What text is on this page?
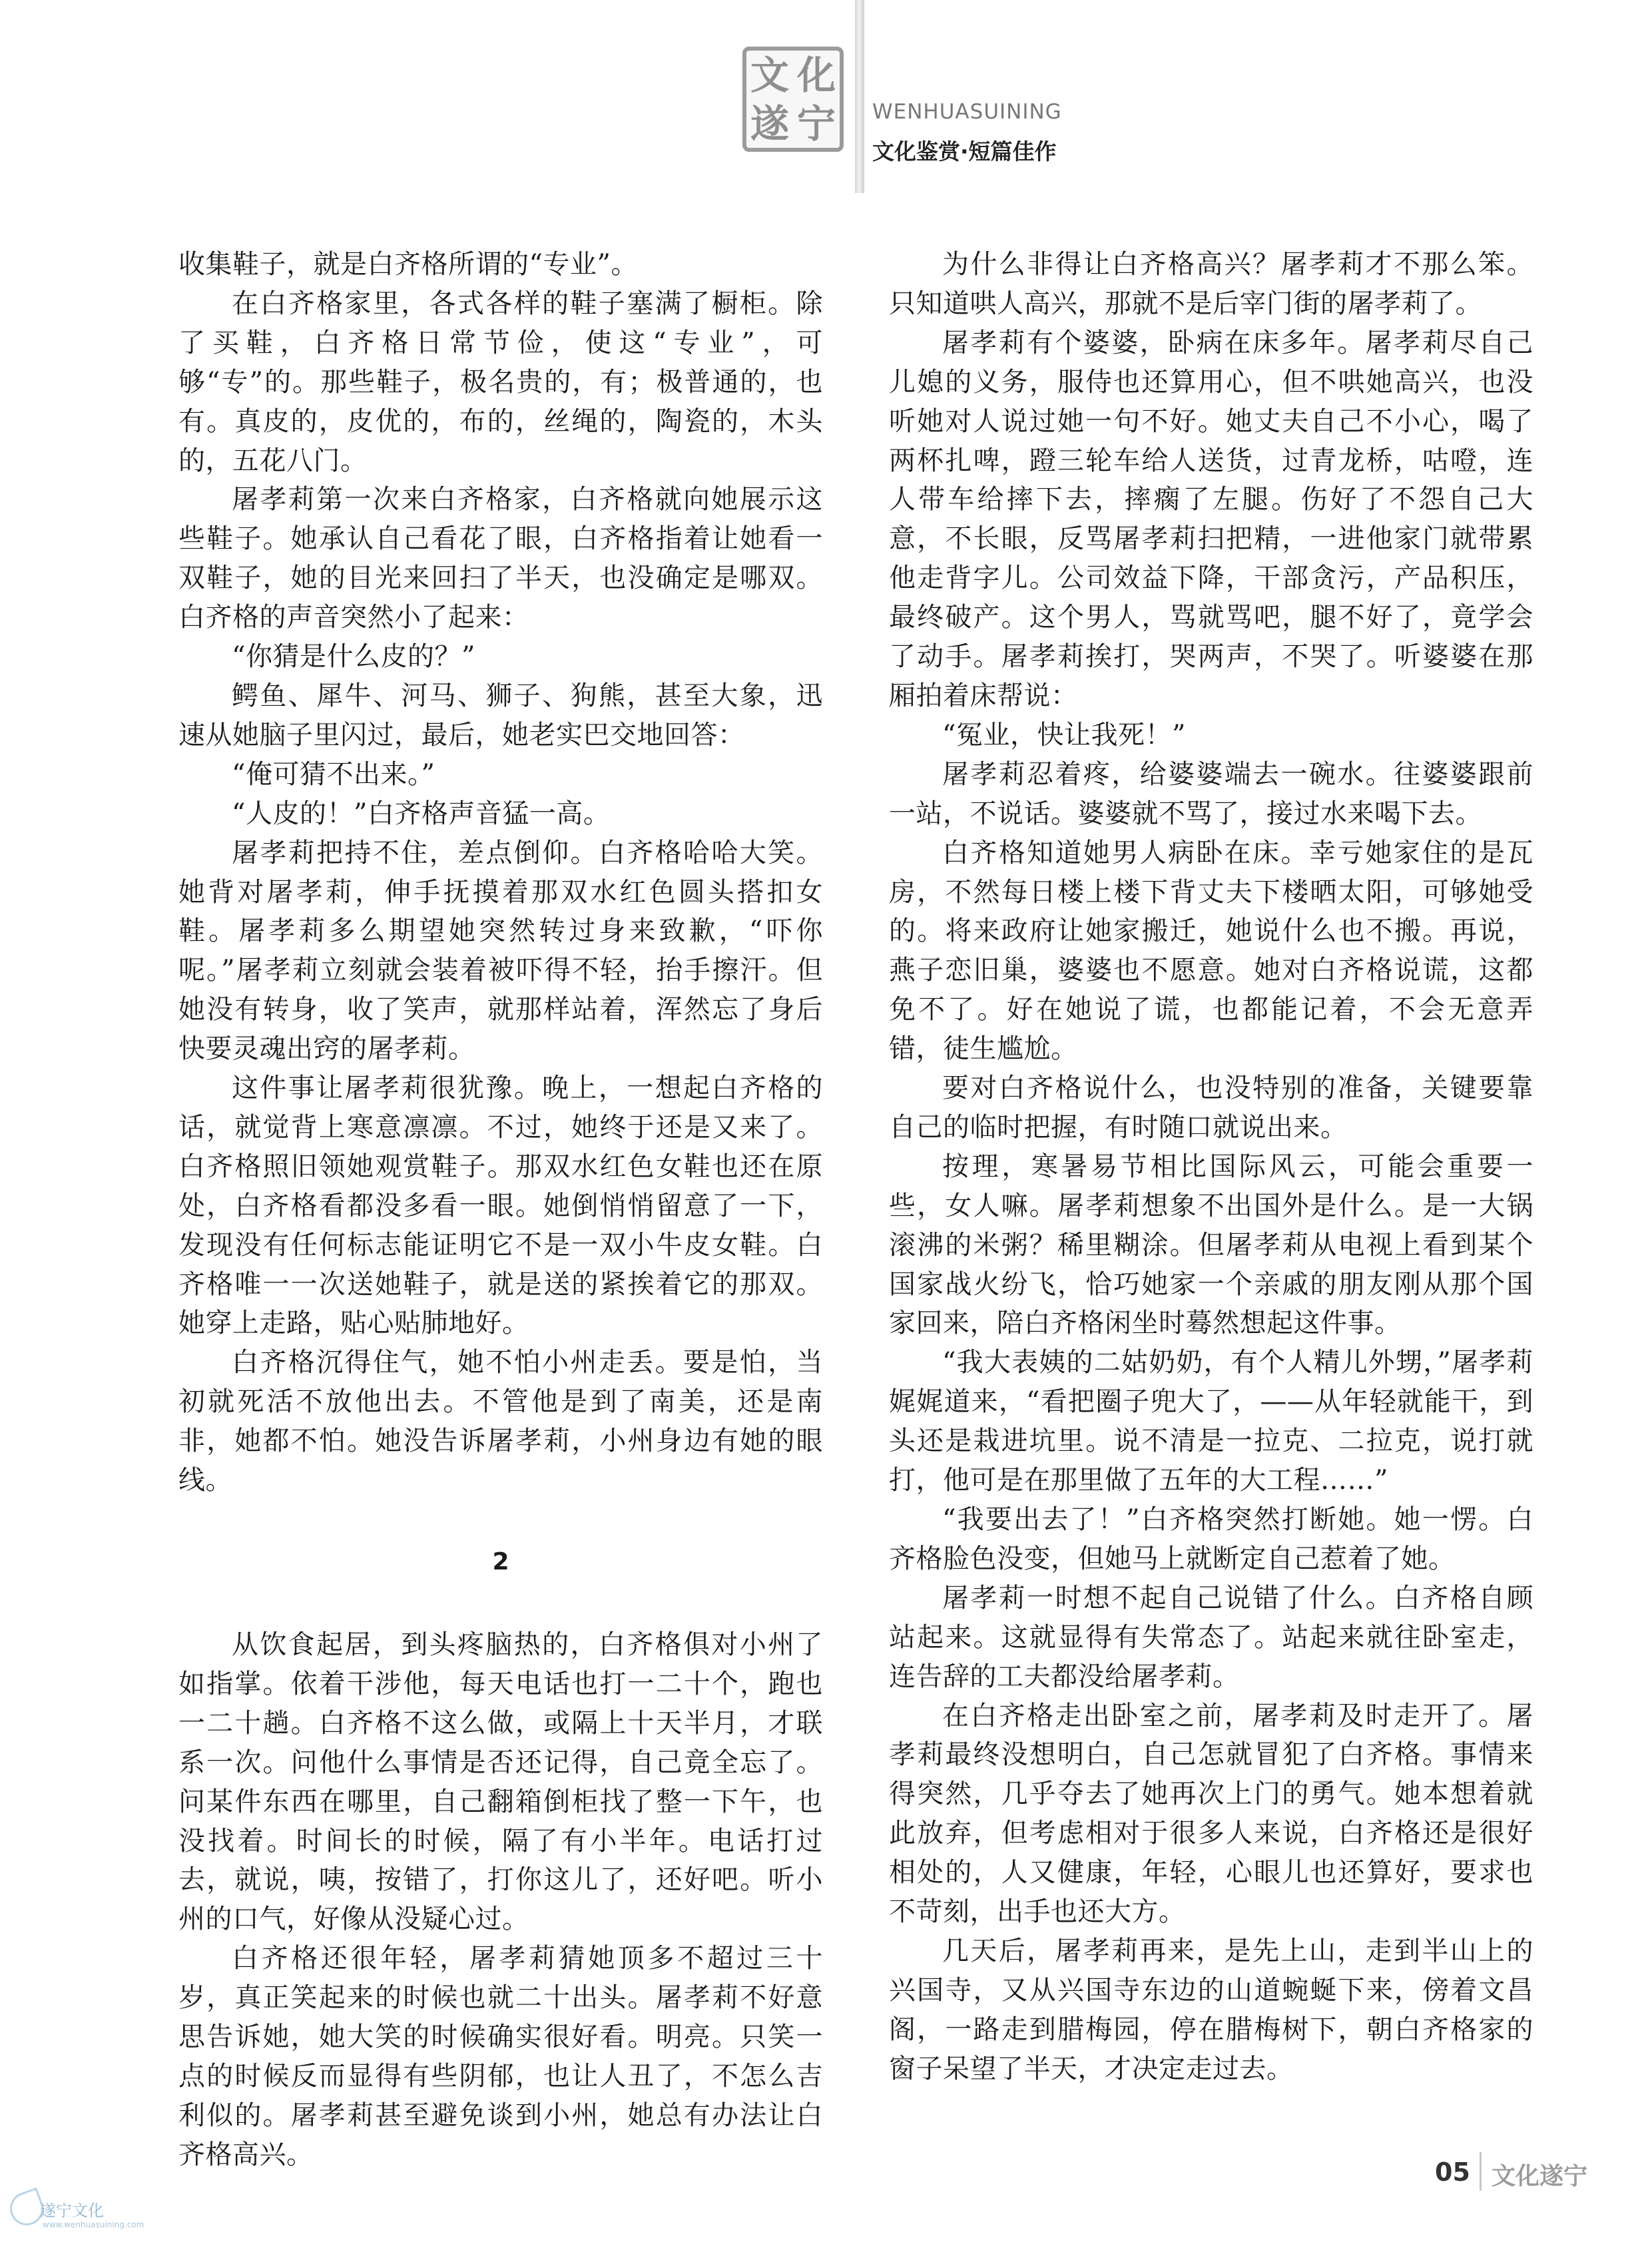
文 化
遂 宁 WENHUASUINING
文化鉴赏·短篇佳作

收集鞋子，就是白齐格所谓的“专业”。

在白齐格家里，各式各样的鞋子塞满了橱柜。除了买鞋，白齐格日常节俭，使这“专业”，可够“专”的。那些鞋子，极名贵的，有；极普通的，也有。真皮的，皮优的，布的，丝绳的，陶瓷的，木头的，五花八门。

屠孝莉第一次来白齐格家，白齐格就向她展示这些鞋子。她承认自己看花了眼，白齐格指着让她看一双鞋子，她的目光来回扫了半天，也没确定是哪双。白齐格的声音突然小了起来：

“你猜是什么皮的？”

鳄鱼、犀牛、河马、狮子、狗熊，甚至大象，迅速从她脑子里闪过，最后，她老实巴交地回答：

“俺可猜不出来。”

“人皮的！”白齐格声音猛一高。

屠孝莉把持不住，差点倒仰。白齐格哈哈大笑。她背对屠孝莉，伸手抚摸着那双水红色圆头搭扣女鞋。屠孝莉多么期望她突然转过身来致歉，“吓你呢。”屠孝莉立刻就会装着被吓得不轻，抬手擦汗。但她没有转身，收了笑声，就那样站着，浑然忘了身后快要灵魂出窍的屠孝莉。

这件事让屠孝莉很犹豫。晚上，一想起白齐格的话，就觉背上寒意凛凛。不过，她终于还是又来了。白齐格照旧领她观赏鞋子。那双水红色女鞋也还在原处，白齐格看都没多看一眼。她倒悄悄留意了一下，发现没有任何标志能证明它不是一双小牛皮女鞋。白齐格唯一一次送她鞋子，就是送的紧挨着它的那双。她穿上走路，贴心贴肺地好。

白齐格沉得住气，她不怕小州走丢。要是怕，当初就死活不放他出去。不管他是到了南美，还是南非，她都不怕。她没告诉屠孝莉，小州身边有她的眼线。

2

从饮食起居，到头疼脑热的，白齐格俱对小州了如指掌。依着干涉他，每天电话也打一二十个，跑也一二十趟。白齐格不这么做，或隔上十天半月，才联系一次。问他什么事情是否还记得，自己竟全忘了。问某件东西在哪里，自己翻箱倒柜找了整一下午，也没找着。时间长的时候，隔了有小半年。电话打过去，就说，咦，按错了，打你这儿了，还好吧。听小州的口气，好像从没疑心过。

白齐格还很年轻，屠孝莉猜她顶多不超过三十岁，真正笑起来的时候也就二十出头。屠孝莉不好意思告诉她，她大笑的时候确实很好看。明亮。只笑一点的时候反而显得有些阴郁，也让人丑了，不怎么吉利似的。屠孝莉甚至避免谈到小州，她总有办法让白齐格高兴。

为什么非得让白齐格高兴？屠孝莉才不那么笨。只知道哄人高兴，那就不是后宰门街的屠孝莉了。

屠孝莉有个婆婆，卧病在床多年。屠孝莉尽自己儿媳的义务，服侍也还算用心，但不哄她高兴，也没听她对人说过她一句不好。她丈夫自己不小心，喝了两杯扎啤，蹬三轮车给人送货，过青龙桥，咕噔，连人带车给摔下去，摔瘸了左腿。伤好了不怨自己大意，不长眼，反骂屠孝莉扫把精，一进他家门就带累他走背字儿。公司效益下降，干部贪污，产品积压，最终破产。这个男人，骂就骂吧，腿不好了，竟学会了动手。屠孝莉挨打，哭两声，不哭了。听婆婆在那厢拍着床帮说：

“冤业，快让我死！”

屠孝莉忍着疼，给婆婆端去一碗水。往婆婆跟前一站，不说话。婆婆就不骂了，接过水来喝下去。

白齐格知道她男人病卧在床。幸亏她家住的是瓦房，不然每日楼上楼下背丈夫下楼晒太阳，可够她受的。将来政府让她家搬迁，她说什么也不搬。再说，燕子恋旧巢，婆婆也不愿意。她对白齐格说谎，这都免不了。好在她说了谎，也都能记着，不会无意弄错，徒生尴尬。

要对白齐格说什么，也没特别的准备，关键要靠自己的临时把握，有时随口就说出来。

按理，寒暑易节相比国际风云，可能会重要一些，女人嘛。屠孝莉想象不出国外是什么。是一大锅滚沸的米粥？稀里糊涂。但屠孝莉从电视上看到某个国家战火纷飞，恰巧她家一个亲戚的朋友刚从那个国家回来，陪白齐格闲坐时蓦然想起这件事。

“我大表姨的二姑奶奶，有个人精儿外甥，”屠孝莉娓娓道来，“看把圈子兜大了，——从年轻就能干，到头还是栽进坑里。说不清是一拉克、二拉克，说打就打，他可是在那里做了五年的大工程……”

“我要出去了！”白齐格突然打断她。她一愣。白齐格脸色没变，但她马上就断定自己惹着了她。

屠孝莉一时想不起自己说错了什么。白齐格自顾站起来。这就显得有失常态了。站起来就往卧室走，连告辞的工夫都没给屠孝莉。

在白齐格走出卧室之前，屠孝莉及时走开了。屠孝莉最终没想明白，自己怎就冒犯了白齐格。事情来得突然，几乎夺去了她再次上门的勇气。她本想着就此放弃，但考虑相对于很多人来说，白齐格还是很好相处的，人又健康，年轻，心眼儿也还算好，要求也不苛刻，出手也还大方。

几天后，屠孝莉再来，是先上山，走到半山上的兴国寺，又从兴国寺东边的山道蜿蜒下来，傍着文昌阁，一路走到腊梅园，停在腊梅树下，朝白齐格家的窗子呆望了半天，才决定走过去。

05 文化遂宁
遂宁文化
www.wenhuasuining.com
